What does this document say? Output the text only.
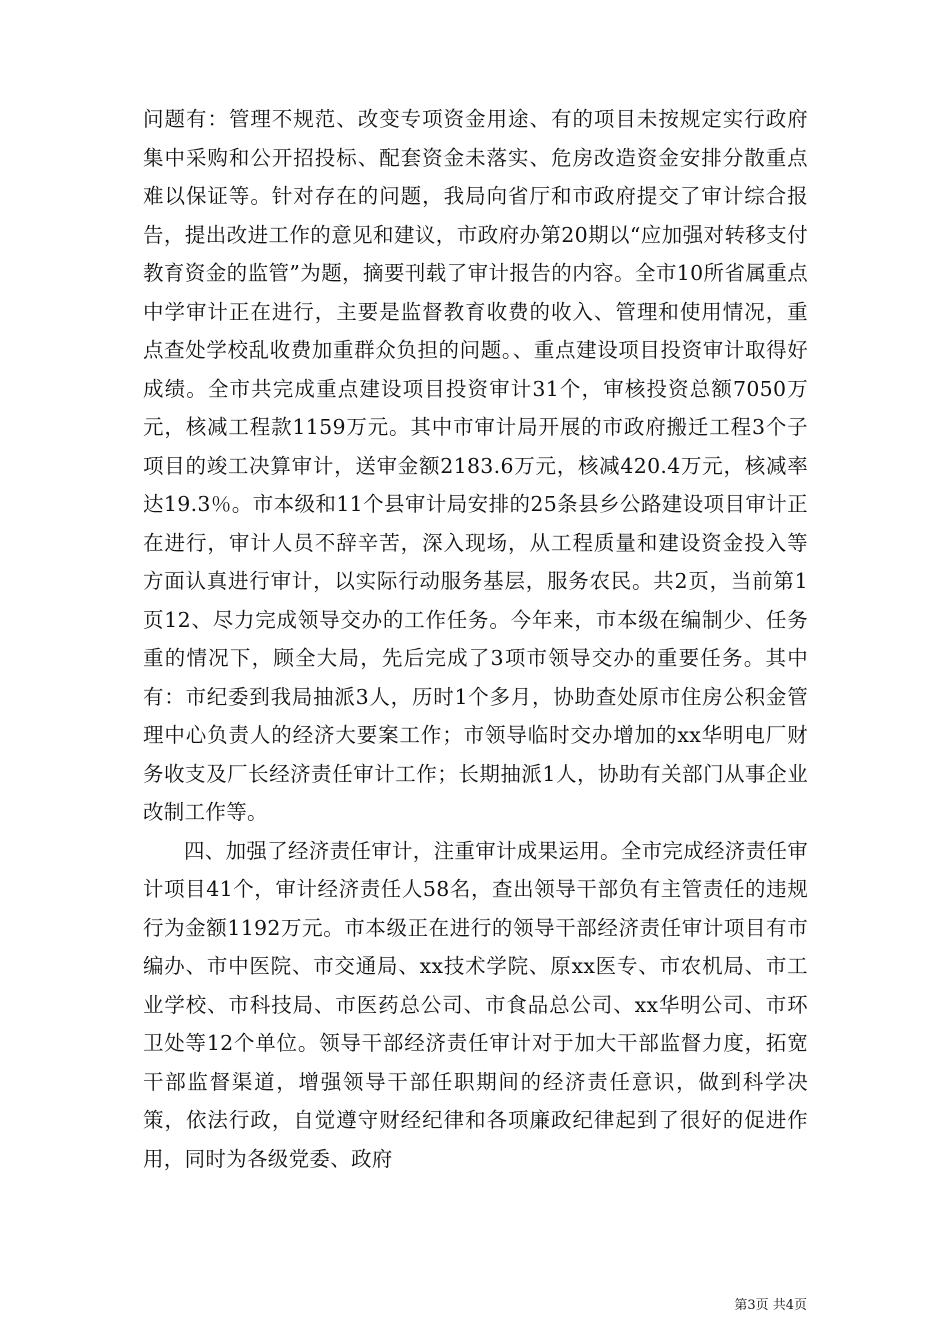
问题有：管理不规范、改变专项资金用途、有的项目未按规定实行政府集中采购和公开招投标、配套资金未落实、危房改造资金安排分散重点难以保证等。针对存在的问题，我局向省厅和市政府提交了审计综合报告，提出改进工作的意见和建议，市政府办第20期以“应加强对转移支付教育资金的监管”为题，摘要刊载了审计报告的内容。全市10所省属重点中学审计正在进行，主要是监督教育收费的收入、管理和使用情况，重点查处学校乱收费加重群众负担的问题。、重点建设项目投资审计取得好成绩。全市共完成重点建设项目投资审计31个，审核投资总额7050万元，核减工程款1159万元。其中市审计局开展的市政府搬迁工程3个子项目的竣工决算审计，送审金额2183.6万元，核减420.4万元，核减率达19.3％。市本级和11个县审计局安排的25条县乡公路建设项目审计正在进行，审计人员不辞辛苦，深入现场，从工程质量和建设资金投入等方面认真进行审计，以实际行动服务基层，服务农民。共2页，当前第1页12、尽力完成领导交办的工作任务。今年来，市本级在编制少、任务重的情况下，顾全大局，先后完成了3项市领导交办的重要任务。其中有：市纪委到我局抽派3人，历时1个多月，协助查处原市住房公积金管理中心负责人的经济大要案工作；市领导临时交办增加的xx华明电厂财务收支及厂长经济责任审计工作；长期抽派1人，协助有关部门从事企业改制工作等。

四、加强了经济责任审计，注重审计成果运用。全市完成经济责任审计项目41个，审计经济责任人58名，查出领导干部负有主管责任的违规行为金额1192万元。市本级正在进行的领导干部经济责任审计项目有市编办、市中医院、市交通局、xx技术学院、原xx医专、市农机局、市工业学校、市科技局、市医药总公司、市食品总公司、xx华明公司、市环卫处等12个单位。领导干部经济责任审计对于加大干部监督力度，拓宽干部监督渠道，增强领导干部任职期间的经济责任意识，做到科学决策，依法行政，自觉遵守财经纪律和各项廉政纪律起到了很好的促进作用，同时为各级党委、政府

第3页 共4页
